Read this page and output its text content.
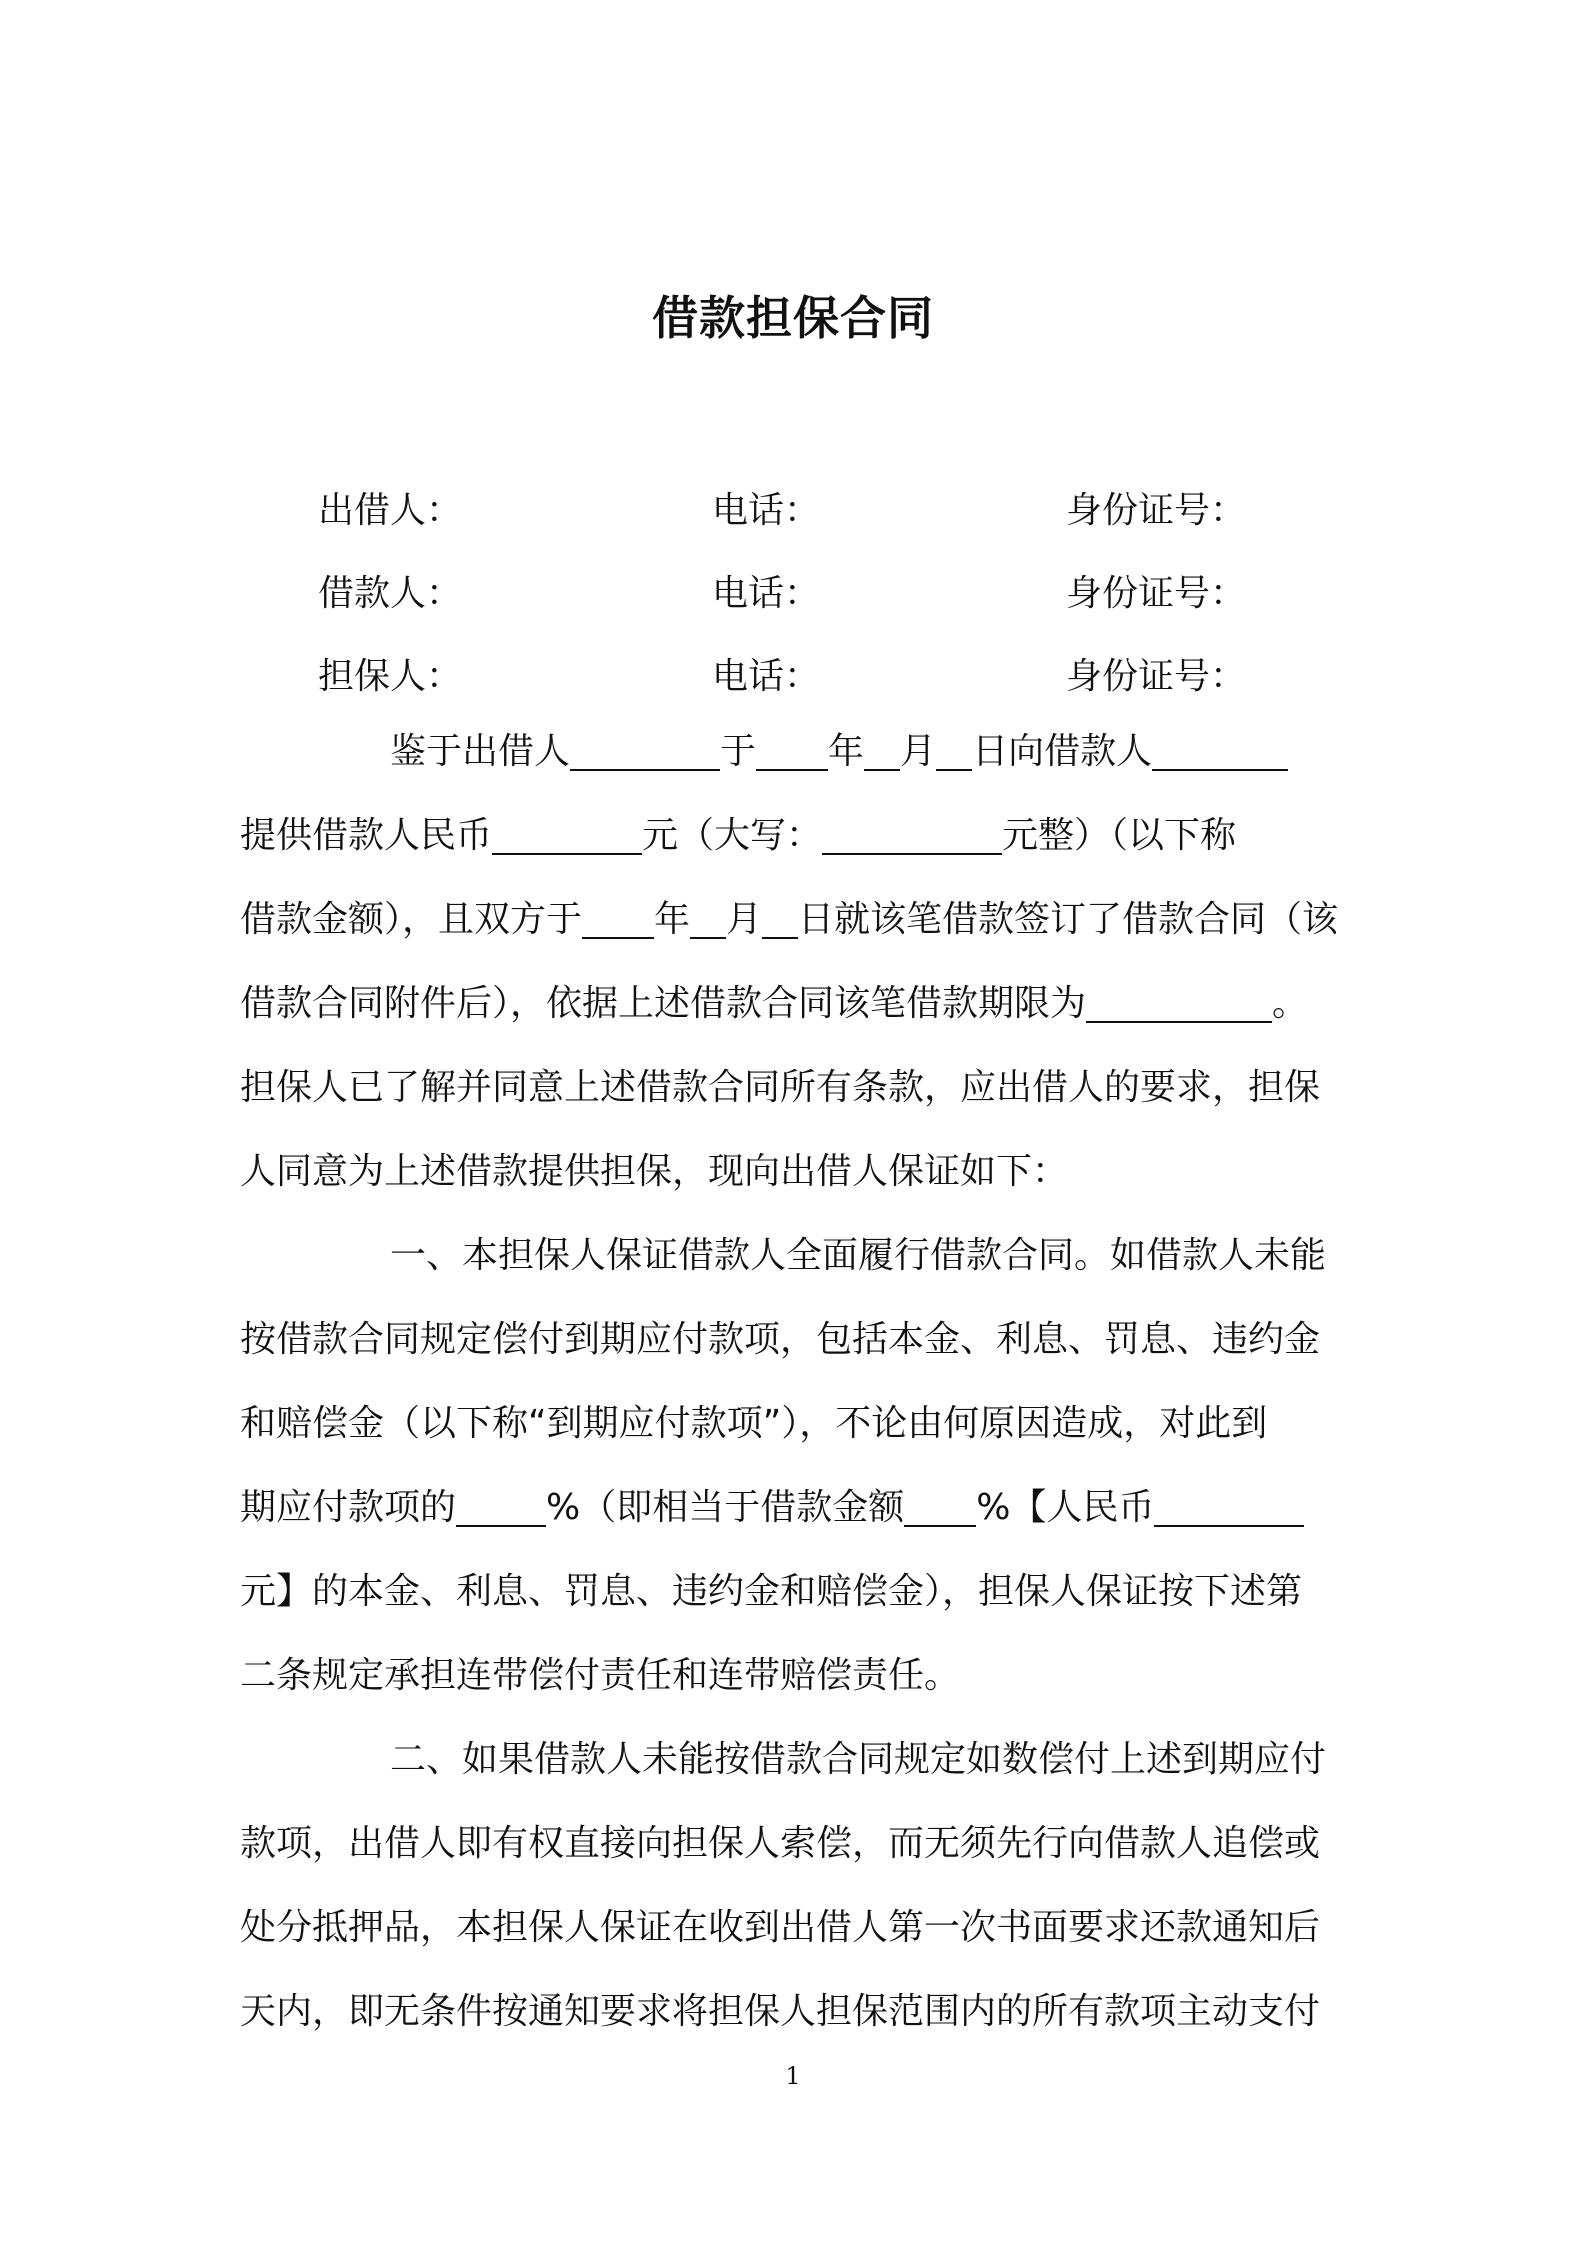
借款担保合同
出借人：	电话：	身份证号：
借款人：	电话：	身份证号：
担保人：	电话：	身份证号：
鉴于出借人	于 年 月 日向借款人
提供借款人民币	元（大写：	元整）（以下称
借款金额），且双方于 年 月 日就该笔借款签订了借款合同（该
借款合同附件后），依据上述借款合同该笔借款期限为	。
担保人已了解并同意上述借款合同所有条款，应出借人的要求，担保
人同意为上述借款提供担保，现向出借人保证如下：
一、本担保人保证借款人全面履行借款合同。如借款人未能
按借款合同规定偿付到期应付款项，包括本金、利息、罚息、违约金
和赔偿金（以下称“到期应付款项”），不论由何原因造成，对此到
期应付款项的	%（即相当于借款金额 %【人民币
元】的本金、利息、罚息、违约金和赔偿金），担保人保证按下述第
二条规定承担连带偿付责任和连带赔偿责任。
二、如果借款人未能按借款合同规定如数偿付上述到期应付
款项，出借人即有权直接向担保人索偿，而无须先行向借款人追偿或
处分抵押品，本担保人保证在收到出借人第一次书面要求还款通知后
天内，即无条件按通知要求将担保人担保范围内的所有款项主动支付
1
